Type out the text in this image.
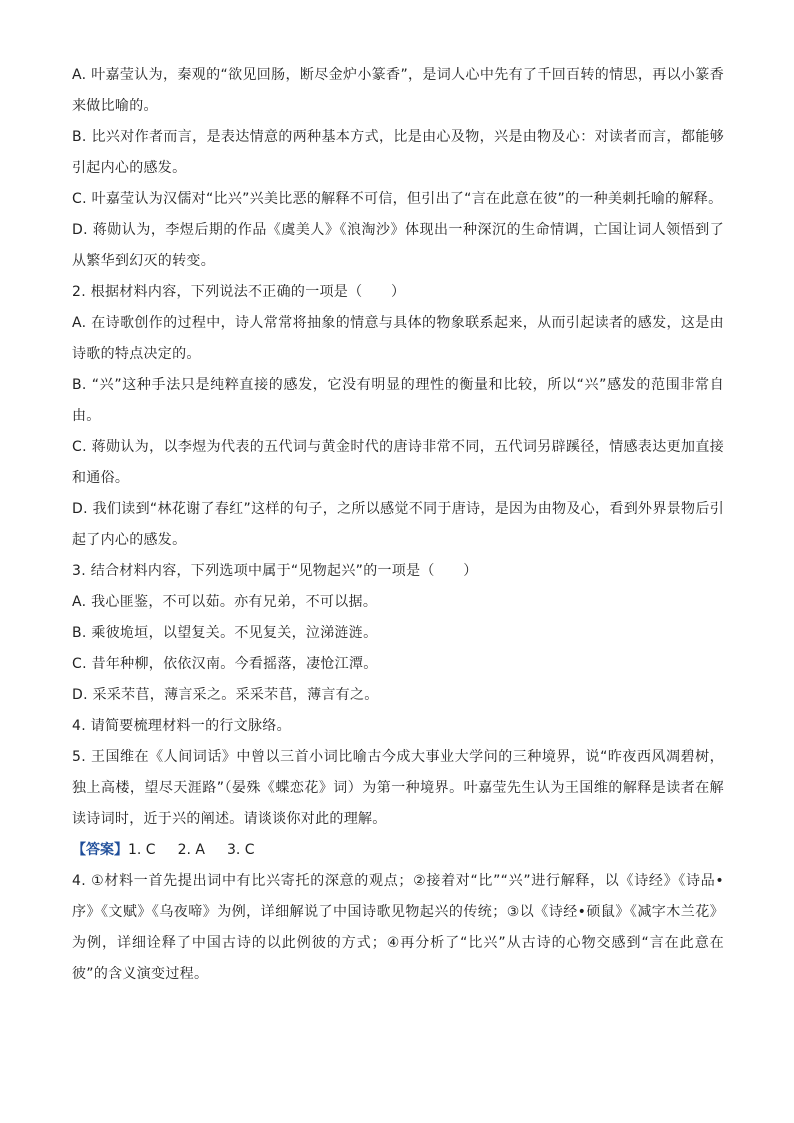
A. 叶嘉莹认为，秦观的“欲见回肠，断尽金炉小篆香”，是词人心中先有了千回百转的情思，再以小篆香来做比喻的。

B. 比兴对作者而言，是表达情意的两种基本方式，比是由心及物，兴是由物及心：对读者而言，都能够引起内心的感发。

C. 叶嘉莹认为汉儒对“比兴”兴美比恶的解释不可信，但引出了“言在此意在彼”的一种美刺托喻的解释。

D. 蒋勋认为，李煜后期的作品《虞美人》《浪淘沙》体现出一种深沉的生命情调，亡国让词人领悟到了从繁华到幻灭的转变。

2. 根据材料内容，下列说法不正确的一项是（　　）

A. 在诗歌创作的过程中，诗人常常将抽象的情意与具体的物象联系起来，从而引起读者的感发，这是由诗歌的特点决定的。

B. “兴”这种手法只是纯粹直接的感发，它没有明显的理性的衡量和比较，所以“兴”感发的范围非常自由。

C. 蒋勋认为，以李煜为代表的五代词与黄金时代的唐诗非常不同，五代词另辟蹊径，情感表达更加直接和通俗。

D. 我们读到“林花谢了春红”这样的句子，之所以感觉不同于唐诗，是因为由物及心，看到外界景物后引起了内心的感发。

3. 结合材料内容，下列选项中属于“见物起兴”的一项是（　　）

A. 我心匪鉴，不可以茹。亦有兄弟，不可以据。

B. 乘彼垝垣，以望复关。不见复关，泣涕涟涟。

C. 昔年种柳，依依汉南。今看摇落，凄怆江潭。

D. 采采芣苢，薄言采之。采采芣苢，薄言有之。

4. 请简要梳理材料一的行文脉络。

5. 王国维在《人间词话》中曾以三首小词比喻古今成大事业大学问的三种境界，说“昨夜西风凋碧树，独上高楼，望尽天涯路”（晏殊《蝶恋花》词）为第一种境界。叶嘉莹先生认为王国维的解释是读者在解读诗词时，近于兴的阐述。请谈谈你对此的理解。

【答案】1. C 2. A 3. C

4. ①材料一首先提出词中有比兴寄托的深意的观点；②接着对“比”“兴”进行解释，以《诗经》《诗品•序》《文赋》《乌夜啼》为例，详细解说了中国诗歌见物起兴的传统；③以《诗经•硕鼠》《减字木兰花》为例，详细诠释了中国古诗的以此例彼的方式；④再分析了“比兴”从古诗的心物交感到“言在此意在彼”的含义演变过程。
